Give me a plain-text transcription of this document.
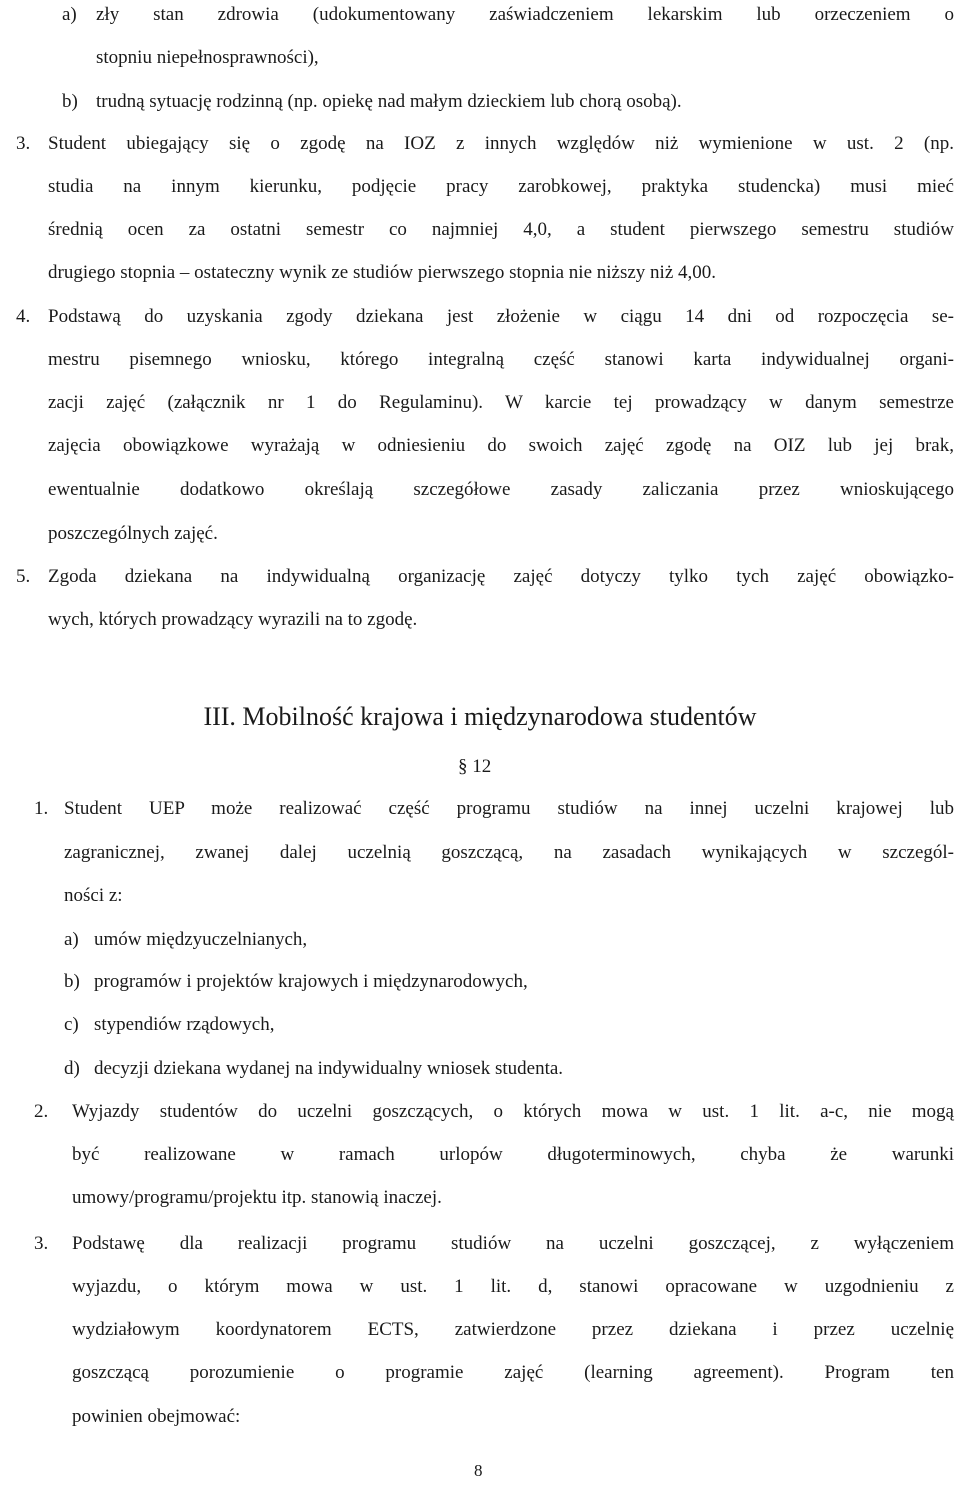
a) zły stan zdrowia (udokumentowany zaświadczeniem lekarskim lub orzeczeniem o
stopniu niepełnosprawności),
b) trudną sytuację rodzinną (np. opiekę nad małym dzieckiem lub chorą osobą).
3. Student ubiegający się o zgodę na IOZ z innych względów niż wymienione w ust. 2 (np.
studia na innym kierunku, podjęcie pracy zarobkowej, praktyka studencka) musi mieć
średnią ocen za ostatni semestr co najmniej 4,0, a student pierwszego semestru studiów
drugiego stopnia – ostateczny wynik ze studiów pierwszego stopnia nie niższy niż 4,00.
4. Podstawą do uzyskania zgody dziekana jest złożenie w ciągu 14 dni od rozpoczęcia se-
mestru pisemnego wniosku, którego integralną część stanowi karta indywidualnej organi-
zacji zajęć (załącznik nr 1 do Regulaminu). W karcie tej prowadzący w danym semestrze
zajęcia obowiązkowe wyrażają w odniesieniu do swoich zajęć zgodę na OIZ lub jej brak,
ewentualnie dodatkowo określają szczegółowe zasady zaliczania przez wnioskującego
poszczególnych zajęć.
5. Zgoda dziekana na indywidualną organizację zajęć dotyczy tylko tych zajęć obowiązko-
wych, których prowadzący wyrazili na to zgodę.
III. Mobilność krajowa i międzynarodowa studentów
§ 12
1. Student UEP może realizować część programu studiów na innej uczelni krajowej lub
zagranicznej, zwanej dalej uczelnią goszczącą, na zasadach wynikających w szczegól-
ności z:
a) umów międzyuczelnianych,
b) programów i projektów krajowych i międzynarodowych,
c) stypendiów rządowych,
d) decyzji dziekana wydanej na indywidualny wniosek studenta.
2. Wyjazdy studentów do uczelni goszczących, o których mowa w ust. 1 lit. a-c, nie mogą
być realizowane w ramach urlopów długoterminowych, chyba że warunki
umowy/programu/projektu itp. stanowią inaczej.
3. Podstawę dla realizacji programu studiów na uczelni goszczącej, z wyłączeniem
wyjazdu, o którym mowa w ust. 1 lit. d, stanowi opracowane w uzgodnieniu z
wydziałowym koordynatorem ECTS, zatwierdzone przez dziekana i przez uczelnię
goszczącą porozumienie o programie zajęć (learning agreement). Program ten
powinien obejmować:
8
